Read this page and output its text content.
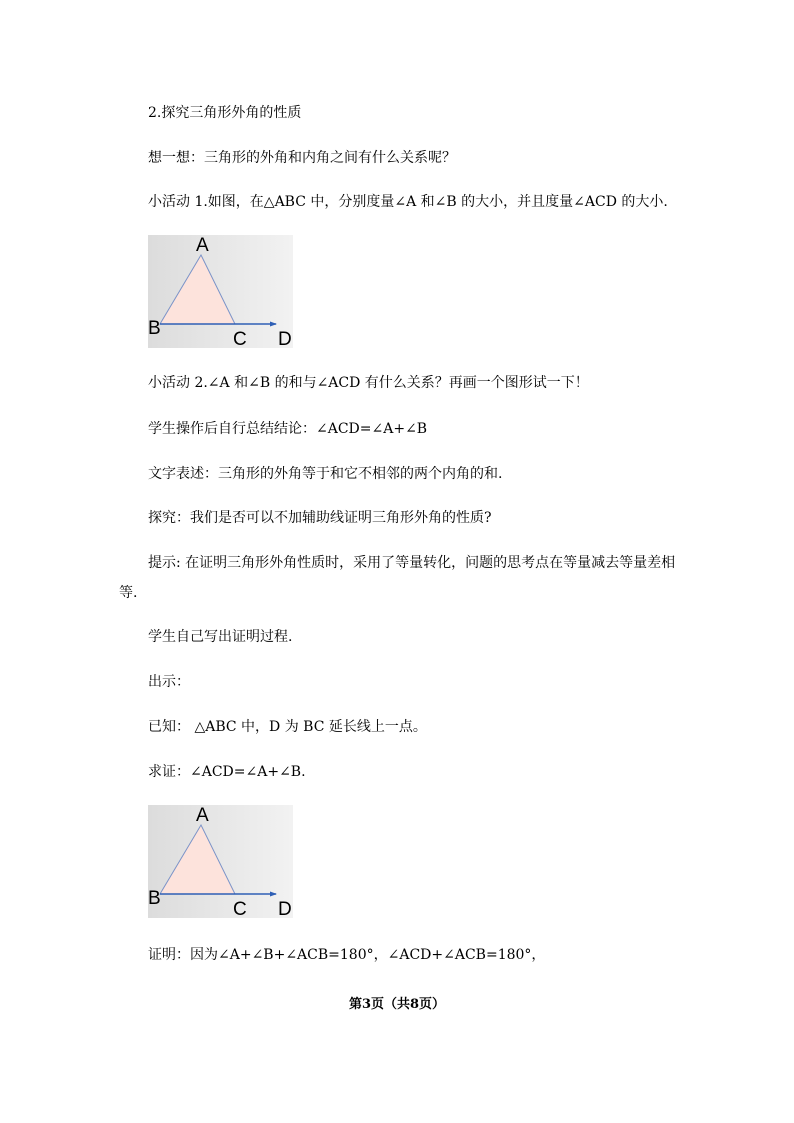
2.探究三角形外角的性质
想一想：三角形的外角和内角之间有什么关系呢？
小活动 1.如图，在△ABC 中，分别度量∠A 和∠B 的大小，并且度量∠ACD 的大小.
A
B
C D
小活动 2.∠A 和∠B 的和与∠ACD 有什么关系？再画一个图形试一下！
学生操作后自行总结结论：∠ACD=∠A+∠B
文字表述：三角形的外角等于和它不相邻的两个内角的和.
探究：我们是否可以不加辅助线证明三角形外角的性质?
提示: 在证明三角形外角性质时，采用了等量转化，问题的思考点在等量减去等量差相
等.
学生自己写出证明过程.
出示：
已知： △ABC 中，D 为 BC 延长线上一点。
求证：∠ACD=∠A+∠B.
A
B
C D
证明：因为∠A+∠B+∠ACB=180°，∠ACD+∠ACB=180°，
第3页（共8页）
